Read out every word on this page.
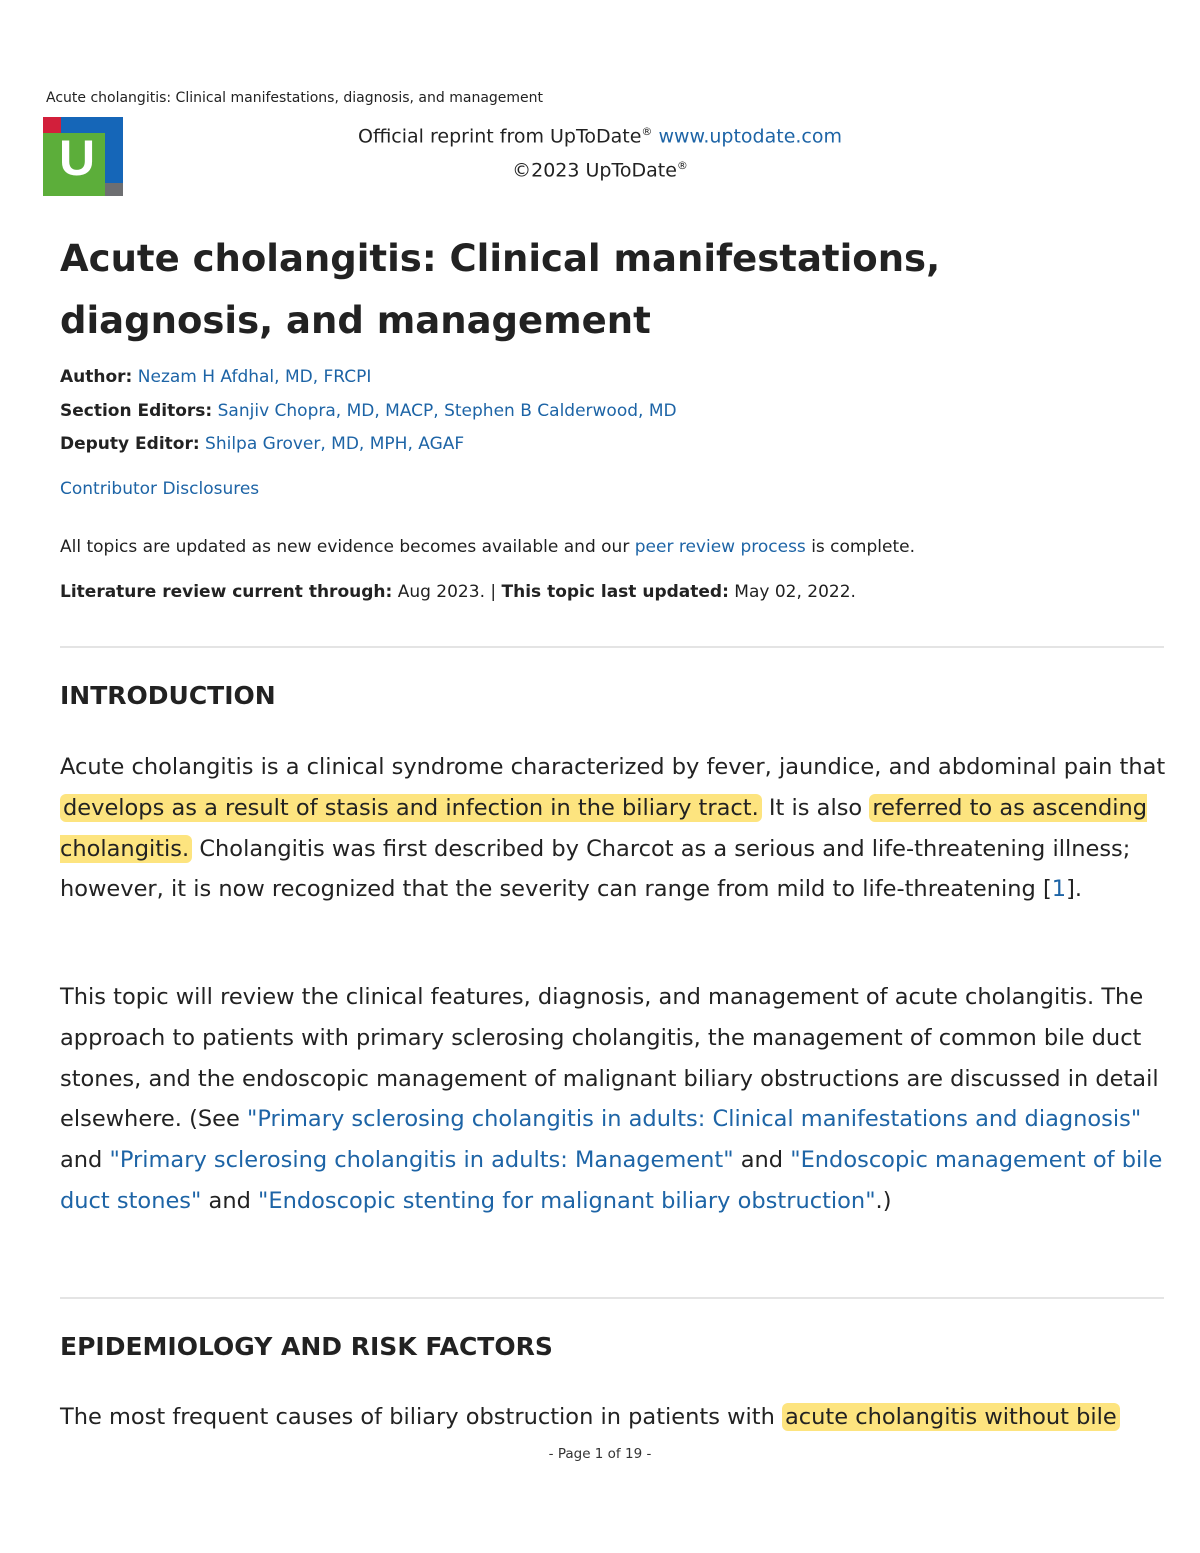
Acute cholangitis: Clinical manifestations, diagnosis, and management

U	Official reprint from UpToDate® www.uptodate.com
©2023 UpToDate®
Acute cholangitis: Clinical manifestations, diagnosis, and management
Author: Nezam H Afdhal, MD, FRCPI
Section Editors: Sanjiv Chopra, MD, MACP, Stephen B Calderwood, MD
Deputy Editor: Shilpa Grover, MD, MPH, AGAF
Contributor Disclosures
All topics are updated as new evidence becomes available and our peer review process is complete.
Literature review current through: Aug 2023. | This topic last updated: May 02, 2022.
INTRODUCTION

Acute cholangitis is a clinical syndrome characterized by fever, jaundice, and abdominal pain that develops as a result of stasis and infection in the biliary tract. It is also referred to as ascending cholangitis. Cholangitis was first described by Charcot as a serious and life-threatening illness; however, it is now recognized that the severity can range from mild to life-threatening [1].

This topic will review the clinical features, diagnosis, and management of acute cholangitis. The approach to patients with primary sclerosing cholangitis, the management of common bile duct stones, and the endoscopic management of malignant biliary obstructions are discussed in detail elsewhere. (See "Primary sclerosing cholangitis in adults: Clinical manifestations and diagnosis" and "Primary sclerosing cholangitis in adults: Management" and "Endoscopic management of bile duct stones" and "Endoscopic stenting for malignant biliary obstruction".)

EPIDEMIOLOGY AND RISK FACTORS

The most frequent causes of biliary obstruction in patients with acute cholangitis without bile

- Page 1 of 19 -
